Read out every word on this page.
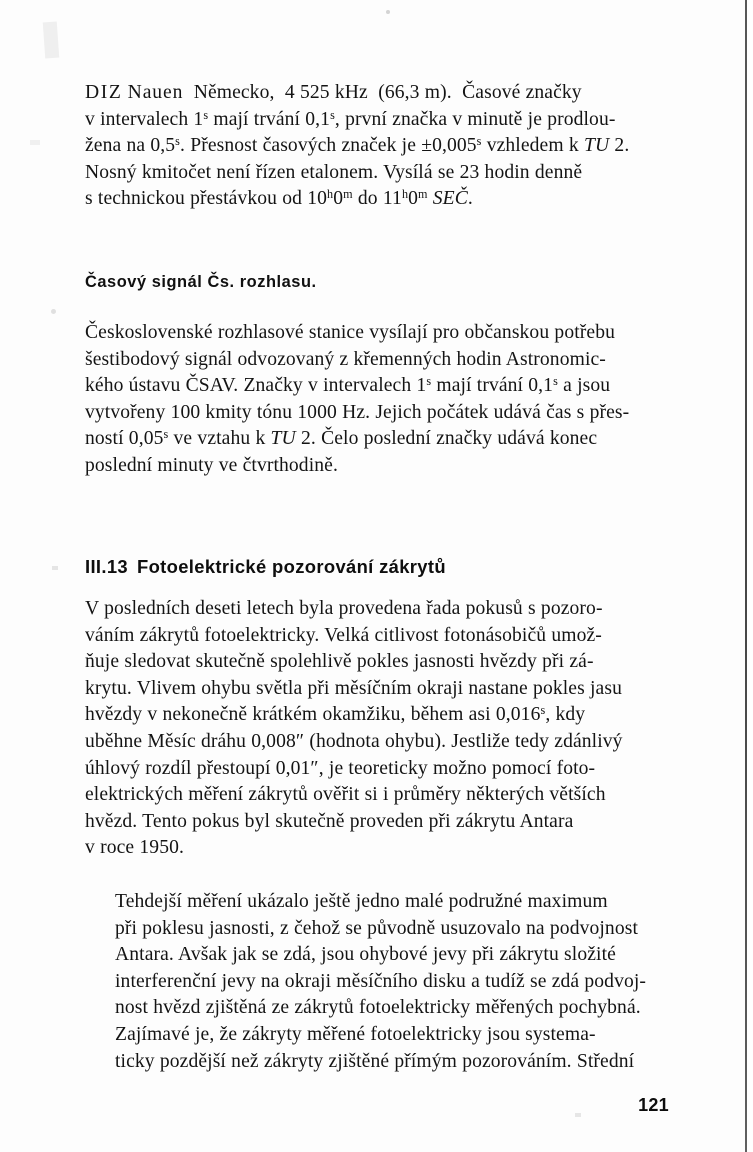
DIZ Nauen Německo, 4 525 kHz (66,3 m). Časové značky
v intervalech 1$^s$ mají trvání 0,1$^s$, první značka v minutě je prodlou-
žena na 0,5$^s$. Přesnost časových značek je $\pm 0,005^s$ vzhledem k TU 2.
Nosný kmitočet není řízen etalonem. Vysílá se 23 hodin denně
s technickou přestávkou od 10$^h$0$^m$ do 11$^h$0$^m$ SEČ.

Časový signál Čs. rozhlasu.

Československé rozhlasové stanice vysílají pro občanskou potřebu
šestibodový signál odvozovaný z křemenných hodin Astronomic-
kého ústavu ČSAV. Značky v intervalech 1$^s$ mají trvání 0,1$^s$ a jsou
vytvořeny 100 kmity tónu 1000 Hz. Jejich počátek udává čas s přes-
ností 0,05$^s$ ve vztahu k TU 2. Čelo poslední značky udává konec
poslední minuty ve čtvrthodině.

III.13 Fotoelektrické pozorování zákrytů

V posledních deseti letech byla provedena řada pokusů s pozoro-
váním zákrytů fotoelektricky. Velká citlivost fotonásobičů umož-
ňuje sledovat skutečně spolehlivě pokles jasnosti hvězdy při zá-
krytu. Vlivem ohybu světla při měsíčním okraji nastane pokles jasu
hvězdy v nekonečně krátkém okamžiku, během asi 0,016$^s$, kdy
uběhne Měsíc dráhu 0,008″ (hodnota ohybu). Jestliže tedy zdánlivý
úhlový rozdíl přestoupí 0,01″, je teoreticky možno pomocí foto-
elektrických měření zákrytů ověřit si i průměry některých větších
hvězd. Tento pokus byl skutečně proveden při zákrytu Antara
v roce 1950.

Tehdejší měření ukázalo ještě jedno malé podružné maximum
při poklesu jasnosti, z čehož se původně usuzovalo na podvojnost
Antara. Avšak jak se zdá, jsou ohybové jevy při zákrytu složité
interferenční jevy na okraji měsíčního disku a tudíž se zdá podvoj-
nost hvězd zjištěná ze zákrytů fotoelektricky měřených pochybná.

Zajímavé je, že zákryty měřené fotoelektricky jsou systema-
ticky pozdější než zákryty zjištěné přímým pozorováním. Střední

121
